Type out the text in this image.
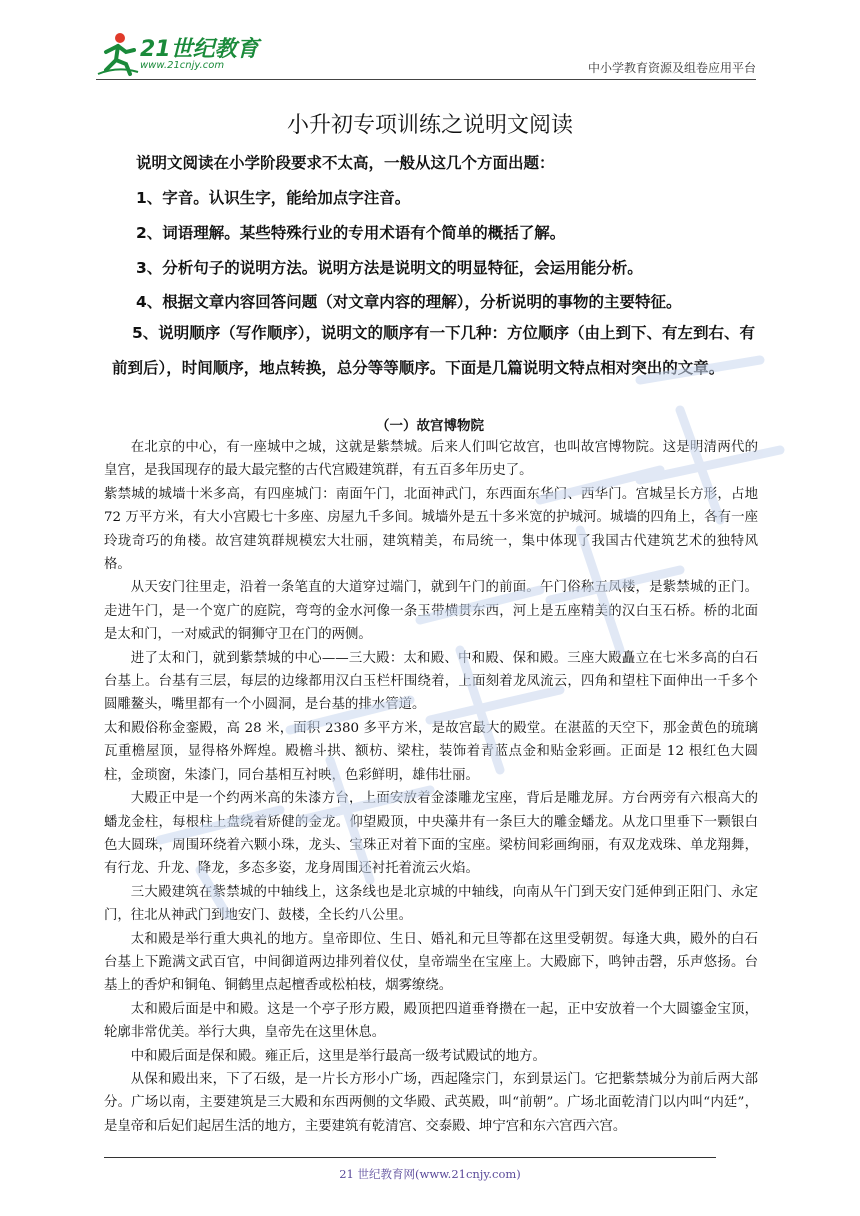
21世纪教育
www.21cnjy.com	中小学教育资源及组卷应用平台
小升初专项训练之说明文阅读
说明文阅读在小学阶段要求不太高，一般从这几个方面出题：
1、字音。认识生字，能给加点字注音。
2、词语理解。某些特殊行业的专用术语有个简单的概括了解。
3、分析句子的说明方法。说明方法是说明文的明显特征，会运用能分析。
4、根据文章内容回答问题（对文章内容的理解），分析说明的事物的主要特征。
5、说明顺序（写作顺序），说明文的顺序有一下几种：方位顺序（由上到下、有左到右、有前到后），时间顺序，地点转换，总分等等顺序。下面是几篇说明文特点相对突出的文章。
（一）故宫博物院

在北京的中心，有一座城中之城，这就是紫禁城。后来人们叫它故宫，也叫故宫博物院。这是明清两代的皇宫，是我国现存的最大最完整的古代宫殿建筑群，有五百多年历史了。

紫禁城的城墙十米多高，有四座城门：南面午门，北面神武门，东西面东华门、西华门。宫城呈长方形，占地 72 万平方米，有大小宫殿七十多座、房屋九千多间。城墙外是五十多米宽的护城河。城墙的四角上，各有一座玲珑奇巧的角楼。故宫建筑群规模宏大壮丽，建筑精美，布局统一，集中体现了我国古代建筑艺术的独特风格。

从天安门往里走，沿着一条笔直的大道穿过端门，就到午门的前面。午门俗称五凤楼，是紫禁城的正门。走进午门，是一个宽广的庭院，弯弯的金水河像一条玉带横贯东西，河上是五座精美的汉白玉石桥。桥的北面是太和门，一对威武的铜狮守卫在门的两侧。

进了太和门，就到紫禁城的中心——三大殿：太和殿、中和殿、保和殿。三座大殿矗立在七米多高的白石台基上。台基有三层，每层的边缘都用汉白玉栏杆围绕着，上面刻着龙凤流云，四角和望柱下面伸出一千多个圆雕鳌头，嘴里都有一个小圆洞，是台基的排水管道。

太和殿俗称金銮殿，高 28 米，面积 2380 多平方米，是故宫最大的殿堂。在湛蓝的天空下，那金黄色的琉璃瓦重檐屋顶，显得格外辉煌。殿檐斗拱、额枋、梁柱，装饰着青蓝点金和贴金彩画。正面是 12 根红色大圆柱，金琐窗，朱漆门，同台基相互衬映，色彩鲜明，雄伟壮丽。

大殿正中是一个约两米高的朱漆方台，上面安放着金漆雕龙宝座，背后是雕龙屏。方台两旁有六根高大的蟠龙金柱，每根柱上盘绕着矫健的金龙。仰望殿顶，中央藻井有一条巨大的雕金蟠龙。从龙口里垂下一颗银白色大圆珠，周围环绕着六颗小珠，龙头、宝珠正对着下面的宝座。梁枋间彩画绚丽，有双龙戏珠、单龙翔舞，有行龙、升龙、降龙，多态多姿，龙身周围还衬托着流云火焰。

三大殿建筑在紫禁城的中轴线上，这条线也是北京城的中轴线，向南从午门到天安门延伸到正阳门、永定门，往北从神武门到地安门、鼓楼，全长约八公里。

太和殿是举行重大典礼的地方。皇帝即位、生日、婚礼和元旦等都在这里受朝贺。每逢大典，殿外的白石台基上下跪满文武百官，中间御道两边排列着仪仗，皇帝端坐在宝座上。大殿廊下，鸣钟击磬，乐声悠扬。台基上的香炉和铜龟、铜鹤里点起檀香或松柏枝，烟雾缭绕。

太和殿后面是中和殿。这是一个亭子形方殿，殿顶把四道垂脊攒在一起，正中安放着一个大圆鎏金宝顶，轮廓非常优美。举行大典，皇帝先在这里休息。

中和殿后面是保和殿。雍正后，这里是举行最高一级考试殿试的地方。

从保和殿出来，下了石级，是一片长方形小广场，西起隆宗门，东到景运门。它把紫禁城分为前后两大部分。广场以南，主要建筑是三大殿和东西两侧的文华殿、武英殿，叫“前朝”。广场北面乾清门以内叫“内廷”，是皇帝和后妃们起居生活的地方，主要建筑有乾清宫、交泰殿、坤宁宫和东六宫西六宫。

21 世纪教育网(www.21cnjy.com)
